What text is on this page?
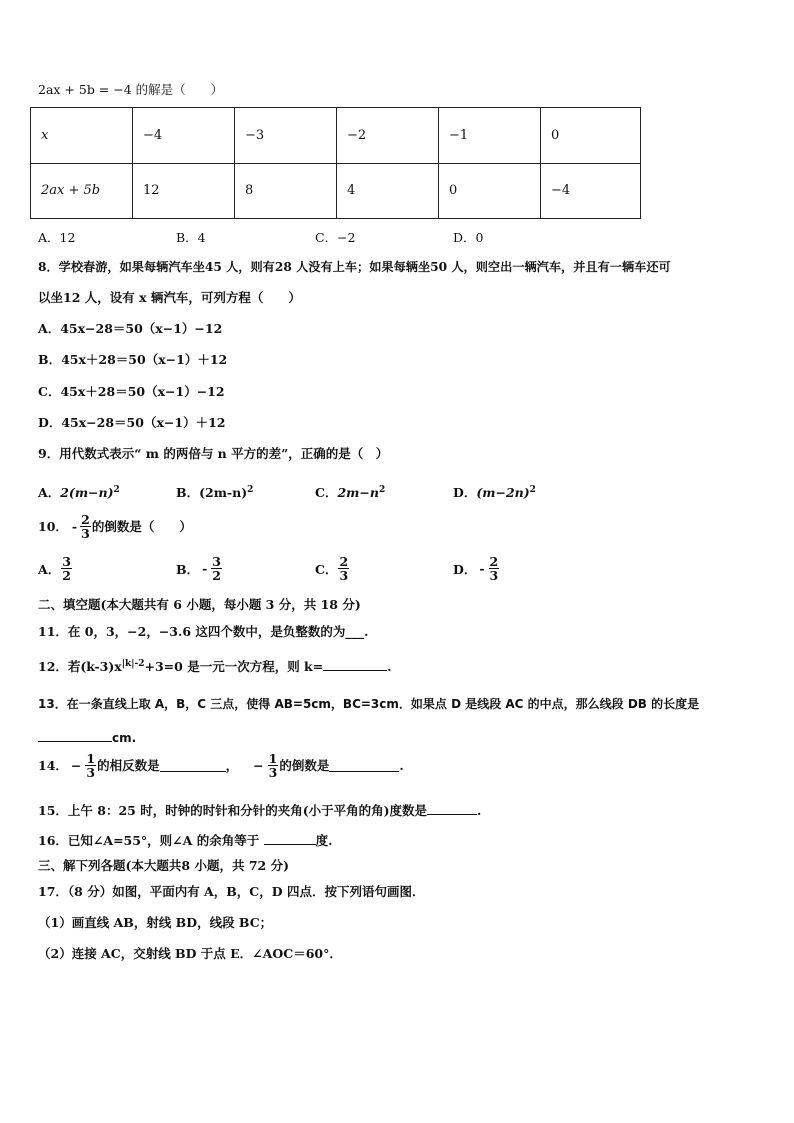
2ax + 5b = −4 的解是（　　）
x	−4	−3	−2	−1	0
2ax + 5b	12	8	4	0	−4
A．12	B．4	C．−2	D．0
8．学校春游，如果每辆汽车坐45 人，则有28 人没有上车；如果每辆坐50 人，则空出一辆汽车，并且有一辆车还可
以坐12 人，设有 x 辆汽车，可列方程（　　）
A．45x−28＝50（x−1）−12
B．45x＋28＝50（x−1）＋12
C．45x＋28＝50（x−1）−12
D．45x−28＝50（x−1）＋12
9．用代数式表示“ m 的两倍与 n 平方的差”，正确的是（　）
A．$2(m-n)^2$	B．$(2m-n)^2$	C．$2m-n^2$	D．$(m-2n)^2$
10． - $\frac{2}{3}$ 的倒数是（　　）
A． $\frac{3}{2}$	B． - $\frac{3}{2}$	C． $\frac{2}{3}$	D． - $\frac{2}{3}$
二、填空题(本大题共有 6 小题，每小题 3 分，共 18 分)
11．在 0，3，−2，−3.6 这四个数中，是负整数的为___.
12．若$(k-3)x^{|k|-2}+3=0$ 是一元一次方程，则 k=	.
13．在一条直线上取 A，B，C 三点，使得 AB=5cm，BC=3cm．如果点 D 是线段 AC 的中点，那么线段 DB 的长度是
cm.
14． − $\frac{1}{3}$ 的相反数是	， − $\frac{1}{3}$ 的倒数是	.
15．上午 8：25 时，时钟的时针和分针的夹角(小于平角的角)度数是	.
16．已知∠A=55°，则∠A 的余角等于	度.
三、解下列各题(本大题共8 小题，共 72 分)
17．（8 分）如图，平面内有 A，B，C，D 四点．按下列语句画图．
（1）画直线 AB，射线 BD，线段 BC；
（2）连接 AC，交射线 BD 于点 E．∠AOC＝60°．
